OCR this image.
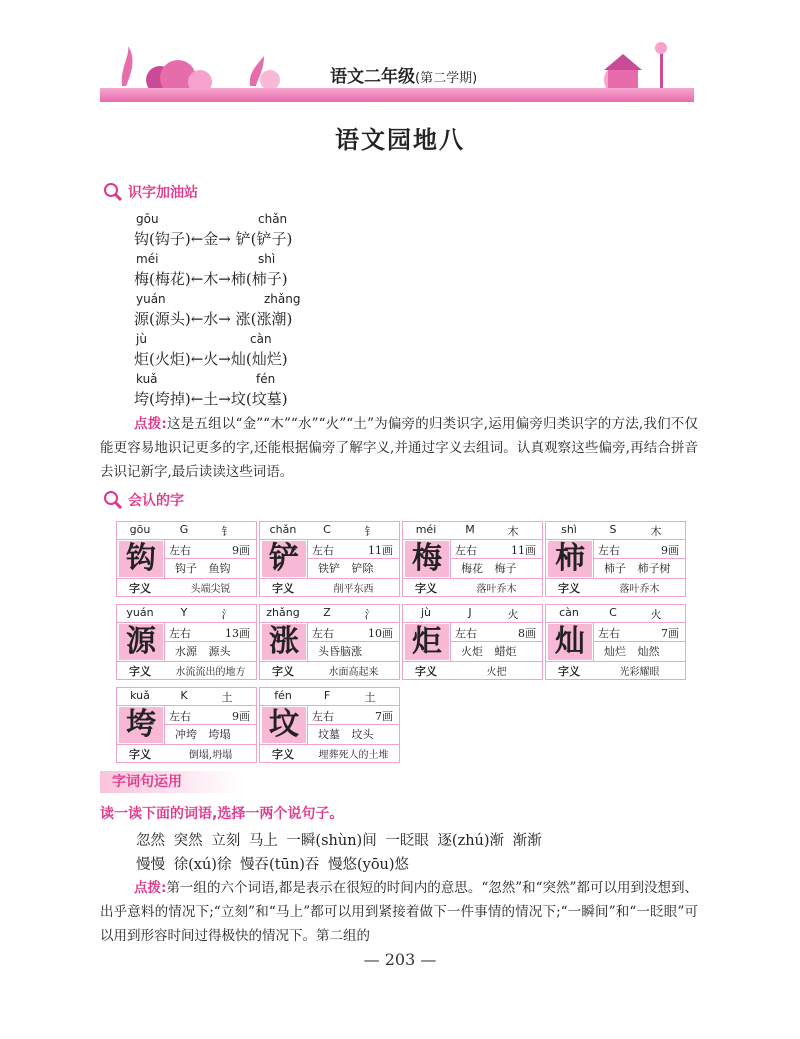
语文二年级(第二学期)
语文园地八
识字加油站
gōu	chǎn
钩(钩子)←金→ 铲(铲子)
méi	shì
梅(梅花)←木→柿(柿子)
yuán	zhǎng
源(源头)←水→ 涨(涨潮)
jù	càn
炬(火炬)←火→灿(灿烂)
kuǎ	fén
垮(垮掉)←土→坟(坟墓)
点拨:这是五组以“金”“木”“水”“火”“土”为偏旁的归类识字,运用偏旁归类识字的方法,我们不仅能更容易地识记更多的字,还能根据偏旁了解字义,并通过字义去组词。认真观察这些偏旁,再结合拼音去识记新字,最后读读这些词语。
会认的字
gōu	G	钅
钩	左右	9画
钩子 鱼钩
字义	头端尖锐
chǎn	C	钅
铲	左右	11画
铁铲 铲除
字义	削平东西
méi	M	木
梅	左右	11画
梅花 梅子
字义	落叶乔木
shì	S	木
柿	左右	9画
柿子 柿子树
字义	落叶乔木
yuán	Y	氵
源	左右	13画
水源 源头
字义	水流流出的地方
zhǎng	Z	氵
涨	左右	10画
头昏脑涨
字义	水面高起来
jù	J	火
炬	左右	8画
火炬 蜡炬
字义	火把
càn	C	火
灿	左右	7画
灿烂 灿然
字义	光彩耀眼
kuǎ	K	土
垮	左右	9画
冲垮 垮塌
字义	倒塌,坍塌
fén	F	土
坟	左右	7画
坟墓 坟头
字义	埋葬死人的土堆
字词句运用
读一读下面的词语,选择一两个说句子。
忽然 突然 立刻 马上 一瞬(shùn)间 一眨眼 逐(zhú)渐 渐渐
慢慢 徐(xú)徐 慢吞(tūn)吞 慢悠(yōu)悠
点拨:第一组的六个词语,都是表示在很短的时间内的意思。“忽然”和“突然”都可以用到没想到、出乎意料的情况下;“立刻”和“马上”都可以用到紧接着做下一件事情的情况下;“一瞬间”和“一眨眼”可以用到形容时间过得极快的情况下。第二组的
— 203 —
